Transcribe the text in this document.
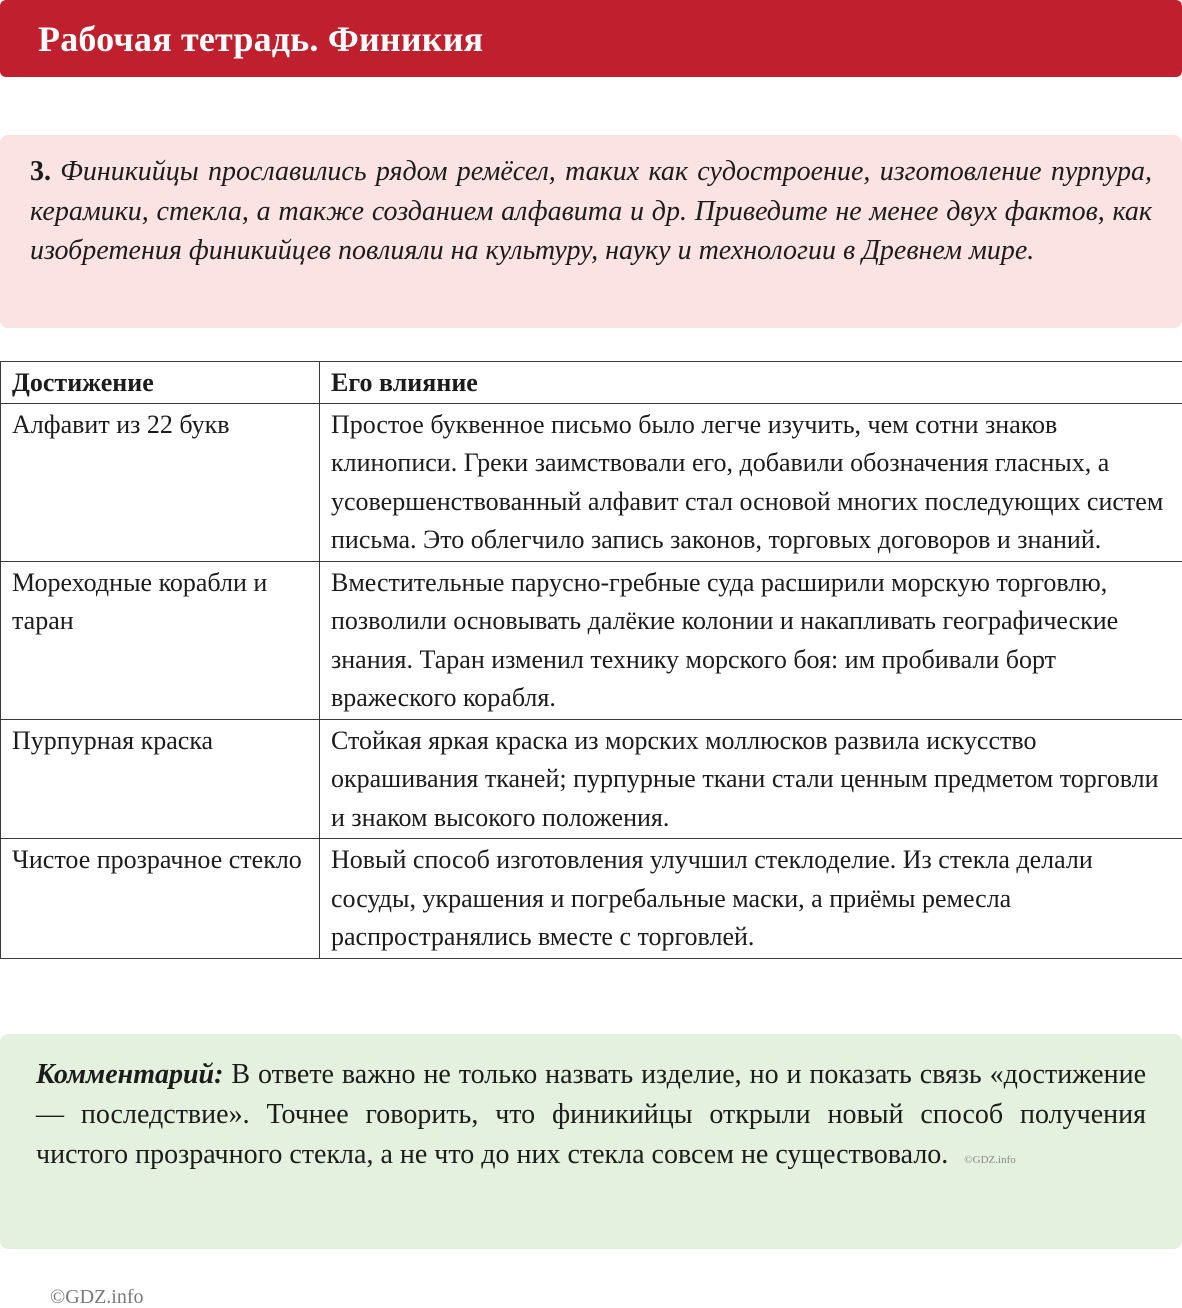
Рабочая тетрадь. Финикия
3. Финикийцы прославились рядом ремёсел, таких как судостроение, изготовление пурпура, керамики, стекла, а также созданием алфавита и др. Приведите не менее двух фактов, как изобретения финикийцев повлияли на культуру, науку и технологии в Древнем мире.
Достижение	Его влияние
Алфавит из 22 букв	Простое буквенное письмо было легче изучить, чем сотни знаков клинописи. Греки заимствовали его, добавили обозначения гласных, а усовершенствованный алфавит стал основой многих последующих систем письма. Это облегчило запись законов, торговых договоров и знаний.
Мореходные корабли и таран	Вместительные парусно-гребные суда расширили морскую торговлю, позволили основывать далёкие колонии и накапливать географические знания. Таран изменил технику морского боя: им пробивали борт вражеского корабля.
Пурпурная краска	Стойкая яркая краска из морских моллюсков развила искусство окрашивания тканей; пурпурные ткани стали ценным предметом торговли и знаком высокого положения.
Чистое прозрачное стекло	Новый способ изготовления улучшил стеклоделие. Из стекла делали сосуды, украшения и погребальные маски, а приёмы ремесла распространялись вместе с торговлей.
Комментарий: В ответе важно не только назвать изделие, но и показать связь «достижение — последствие». Точнее говорить, что финикийцы открыли новый способ получения чистого прозрачного стекла, а не что до них стекла совсем не существовало. ©GDZ.info
©GDZ.info
